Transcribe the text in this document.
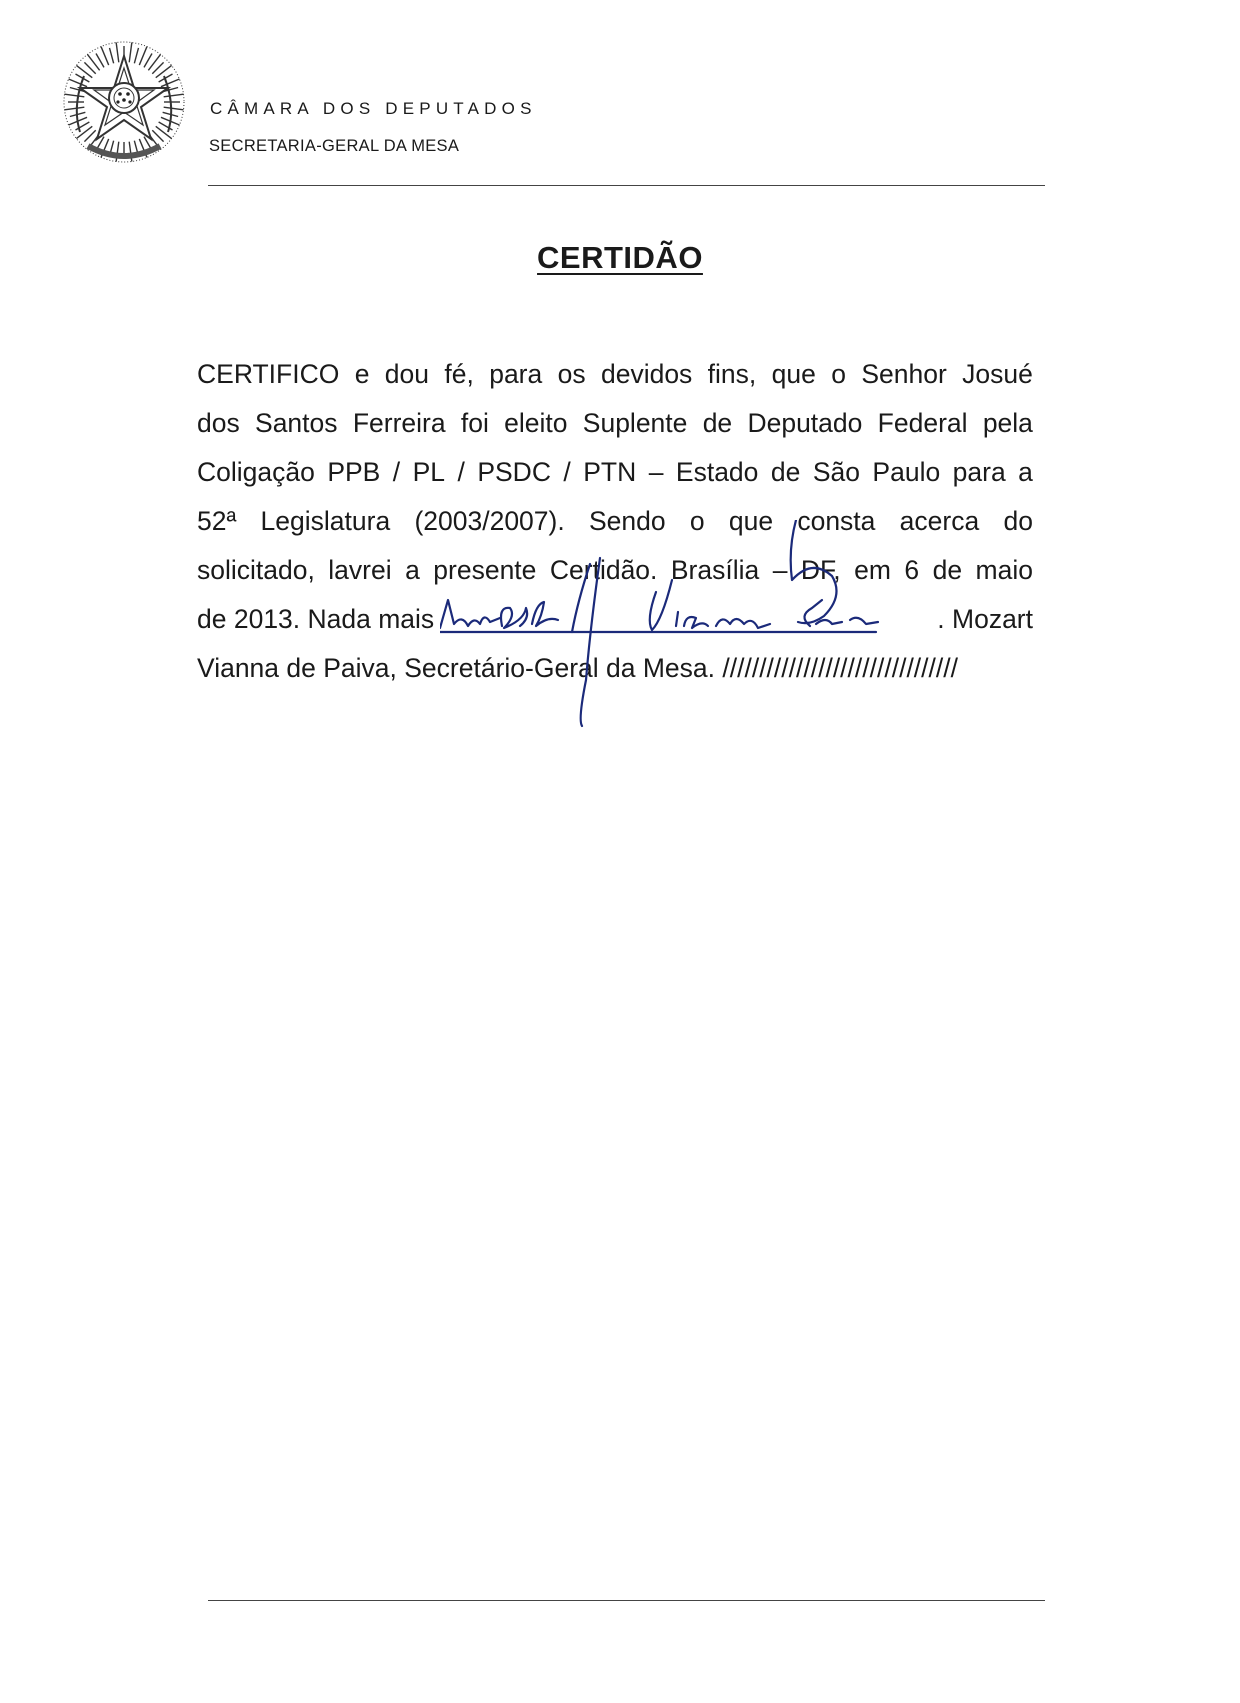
CÂMARA DOS DEPUTADOS
SECRETARIA-GERAL DA MESA
CERTIDÃO
CERTIFICO e dou fé, para os devidos fins, que o Senhor Josué
dos Santos Ferreira foi eleito Suplente de Deputado Federal pela
Coligação PPB / PL / PSDC / PTN – Estado de São Paulo para a
52ª Legislatura (2003/2007). Sendo o que consta acerca do
solicitado, lavrei a presente Certidão. Brasília – DF, em 6 de maio
de 2013. Nada mais	. Mozart
Vianna de Paiva, Secretário-Geral da Mesa. ////////////////////////////////
